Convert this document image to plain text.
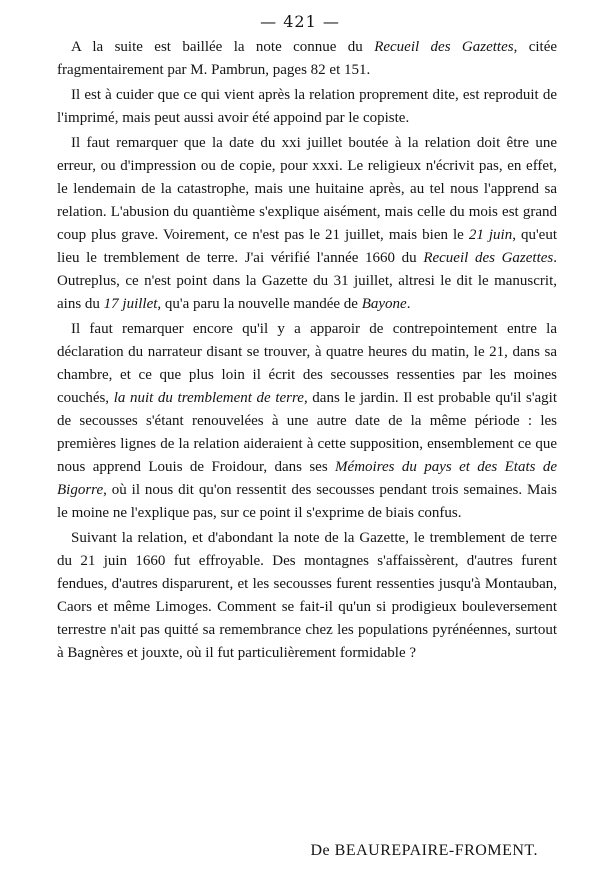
— 421 —

A la suite est baillée la note connue du Recueil des Gazettes, citée fragmentairement par M. Pambrun, pages 82 et 151.

Il est à cuider que ce qui vient après la relation proprement dite, est reproduit de l'imprimé, mais peut aussi avoir été appoind par le copiste.

Il faut remarquer que la date du xxi juillet boutée à la relation doit être une erreur, ou d'impression ou de copie, pour xxxi. Le religieux n'écrivit pas, en effet, le lendemain de la catastrophe, mais une huitaine après, au tel nous l'apprend sa relation. L'abusion du quantième s'explique aisément, mais celle du mois est grand coup plus grave. Voirement, ce n'est pas le 21 juillet, mais bien le 21 juin, qu'eut lieu le tremblement de terre. J'ai vérifié l'année 1660 du Recueil des Gazettes. Outreplus, ce n'est point dans la Gazette du 31 juillet, altresi le dit le manuscrit, ains du 17 juillet, qu'a paru la nouvelle mandée de Bayone.

Il faut remarquer encore qu'il y a apparoir de contrepointement entre la déclaration du narrateur disant se trouver, à quatre heures du matin, le 21, dans sa chambre, et ce que plus loin il écrit des secousses ressenties par les moines couchés, la nuit du tremblement de terre, dans le jardin. Il est probable qu'il s'agit de secousses s'étant renouvelées à une autre date de la même période : les premières lignes de la relation aideraient à cette supposition, ensemblement ce que nous apprend Louis de Froidour, dans ses Mémoires du pays et des Etats de Bigorre, où il nous dit qu'on ressentit des secousses pendant trois semaines. Mais le moine ne l'explique pas, sur ce point il s'exprime de biais confus.

Suivant la relation, et d'abondant la note de la Gazette, le tremblement de terre du 21 juin 1660 fut effroyable. Des montagnes s'affaissèrent, d'autres furent fendues, d'autres disparurent, et les secousses furent ressenties jusqu'à Montauban, Caors et même Limoges. Comment se fait-il qu'un si prodigieux bouleversement terrestre n'ait pas quitté sa remembrance chez les populations pyrénéennes, surtout à Bagnères et jouxte, où il fut particulièrement formidable ?

De BEAUREPAIRE-FROMENT.
